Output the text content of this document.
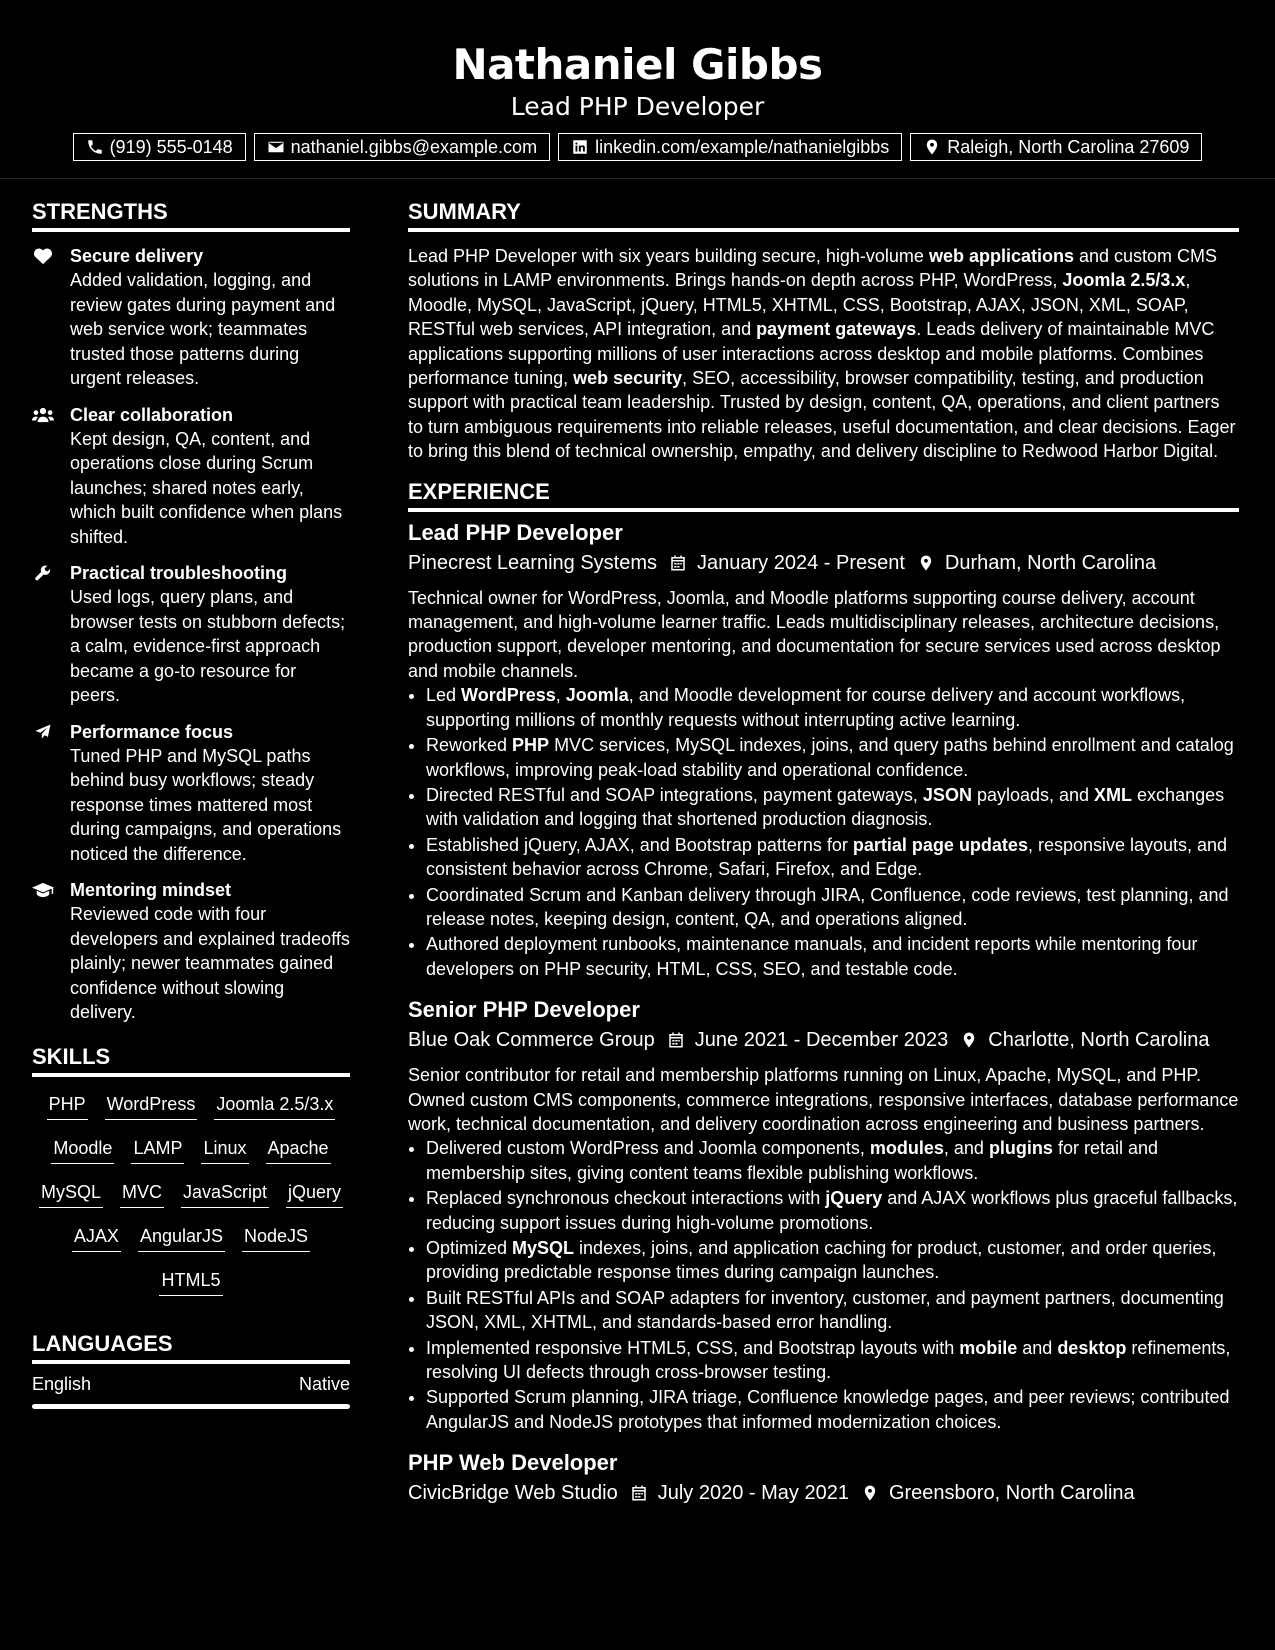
Nathaniel Gibbs
Lead PHP Developer
(919) 555-0148	nathaniel.gibbs@example.com	linkedin.com/example/nathanielgibbs	Raleigh, North Carolina 27609
STRENGTHS
Secure delivery
Added validation, logging, and review gates during payment and web service work; teammates trusted those patterns during urgent releases.
Clear collaboration
Kept design, QA, content, and operations close during Scrum launches; shared notes early, which built confidence when plans shifted.
Practical troubleshooting
Used logs, query plans, and browser tests on stubborn defects; a calm, evidence-first approach became a go-to resource for peers.
Performance focus
Tuned PHP and MySQL paths behind busy workflows; steady response times mattered most during campaigns, and operations noticed the difference.
Mentoring mindset
Reviewed code with four developers and explained tradeoffs plainly; newer teammates gained confidence without slowing delivery.
SKILLS
PHP WordPress Joomla 2.5/3.x
Moodle LAMP Linux Apache
MySQL MVC JavaScript jQuery
AJAX AngularJS NodeJS
HTML5
LANGUAGES
English	Native
SUMMARY

Lead PHP Developer with six years building secure, high-volume web applications and custom CMS solutions in LAMP environments. Brings hands-on depth across PHP, WordPress, Joomla 2.5/3.x, Moodle, MySQL, JavaScript, jQuery, HTML5, XHTML, CSS, Bootstrap, AJAX, JSON, XML, SOAP, RESTful web services, API integration, and payment gateways. Leads delivery of maintainable MVC applications supporting millions of user interactions across desktop and mobile platforms. Combines performance tuning, web security, SEO, accessibility, browser compatibility, testing, and production support with practical team leadership. Trusted by design, content, QA, operations, and client partners to turn ambiguous requirements into reliable releases, useful documentation, and clear decisions. Eager to bring this blend of technical ownership, empathy, and delivery discipline to Redwood Harbor Digital.

EXPERIENCE
Lead PHP Developer
Pinecrest Learning Systems January 2024 - Present Durham, North Carolina
Technical owner for WordPress, Joomla, and Moodle platforms supporting course delivery, account management, and high-volume learner traffic. Leads multidisciplinary releases, architecture decisions, production support, developer mentoring, and documentation for secure services used across desktop and mobile channels.
• Led WordPress, Joomla, and Moodle development for course delivery and account workflows, supporting millions of monthly requests without interrupting active learning.
• Reworked PHP MVC services, MySQL indexes, joins, and query paths behind enrollment and catalog workflows, improving peak-load stability and operational confidence.
• Directed RESTful and SOAP integrations, payment gateways, JSON payloads, and XML exchanges with validation and logging that shortened production diagnosis.
• Established jQuery, AJAX, and Bootstrap patterns for partial page updates, responsive layouts, and consistent behavior across Chrome, Safari, Firefox, and Edge.
• Coordinated Scrum and Kanban delivery through JIRA, Confluence, code reviews, test planning, and release notes, keeping design, content, QA, and operations aligned.
• Authored deployment runbooks, maintenance manuals, and incident reports while mentoring four developers on PHP security, HTML, CSS, SEO, and testable code.
Senior PHP Developer
Blue Oak Commerce Group June 2021 - December 2023 Charlotte, North Carolina
Senior contributor for retail and membership platforms running on Linux, Apache, MySQL, and PHP. Owned custom CMS components, commerce integrations, responsive interfaces, database performance work, technical documentation, and delivery coordination across engineering and business partners.
• Delivered custom WordPress and Joomla components, modules, and plugins for retail and membership sites, giving content teams flexible publishing workflows.
• Replaced synchronous checkout interactions with jQuery and AJAX workflows plus graceful fallbacks, reducing support issues during high-volume promotions.
• Optimized MySQL indexes, joins, and application caching for product, customer, and order queries, providing predictable response times during campaign launches.
• Built RESTful APIs and SOAP adapters for inventory, customer, and payment partners, documenting JSON, XML, XHTML, and standards-based error handling.
• Implemented responsive HTML5, CSS, and Bootstrap layouts with mobile and desktop refinements, resolving UI defects through cross-browser testing.
• Supported Scrum planning, JIRA triage, Confluence knowledge pages, and peer reviews; contributed AngularJS and NodeJS prototypes that informed modernization choices.
PHP Web Developer
CivicBridge Web Studio July 2020 - May 2021 Greensboro, North Carolina
